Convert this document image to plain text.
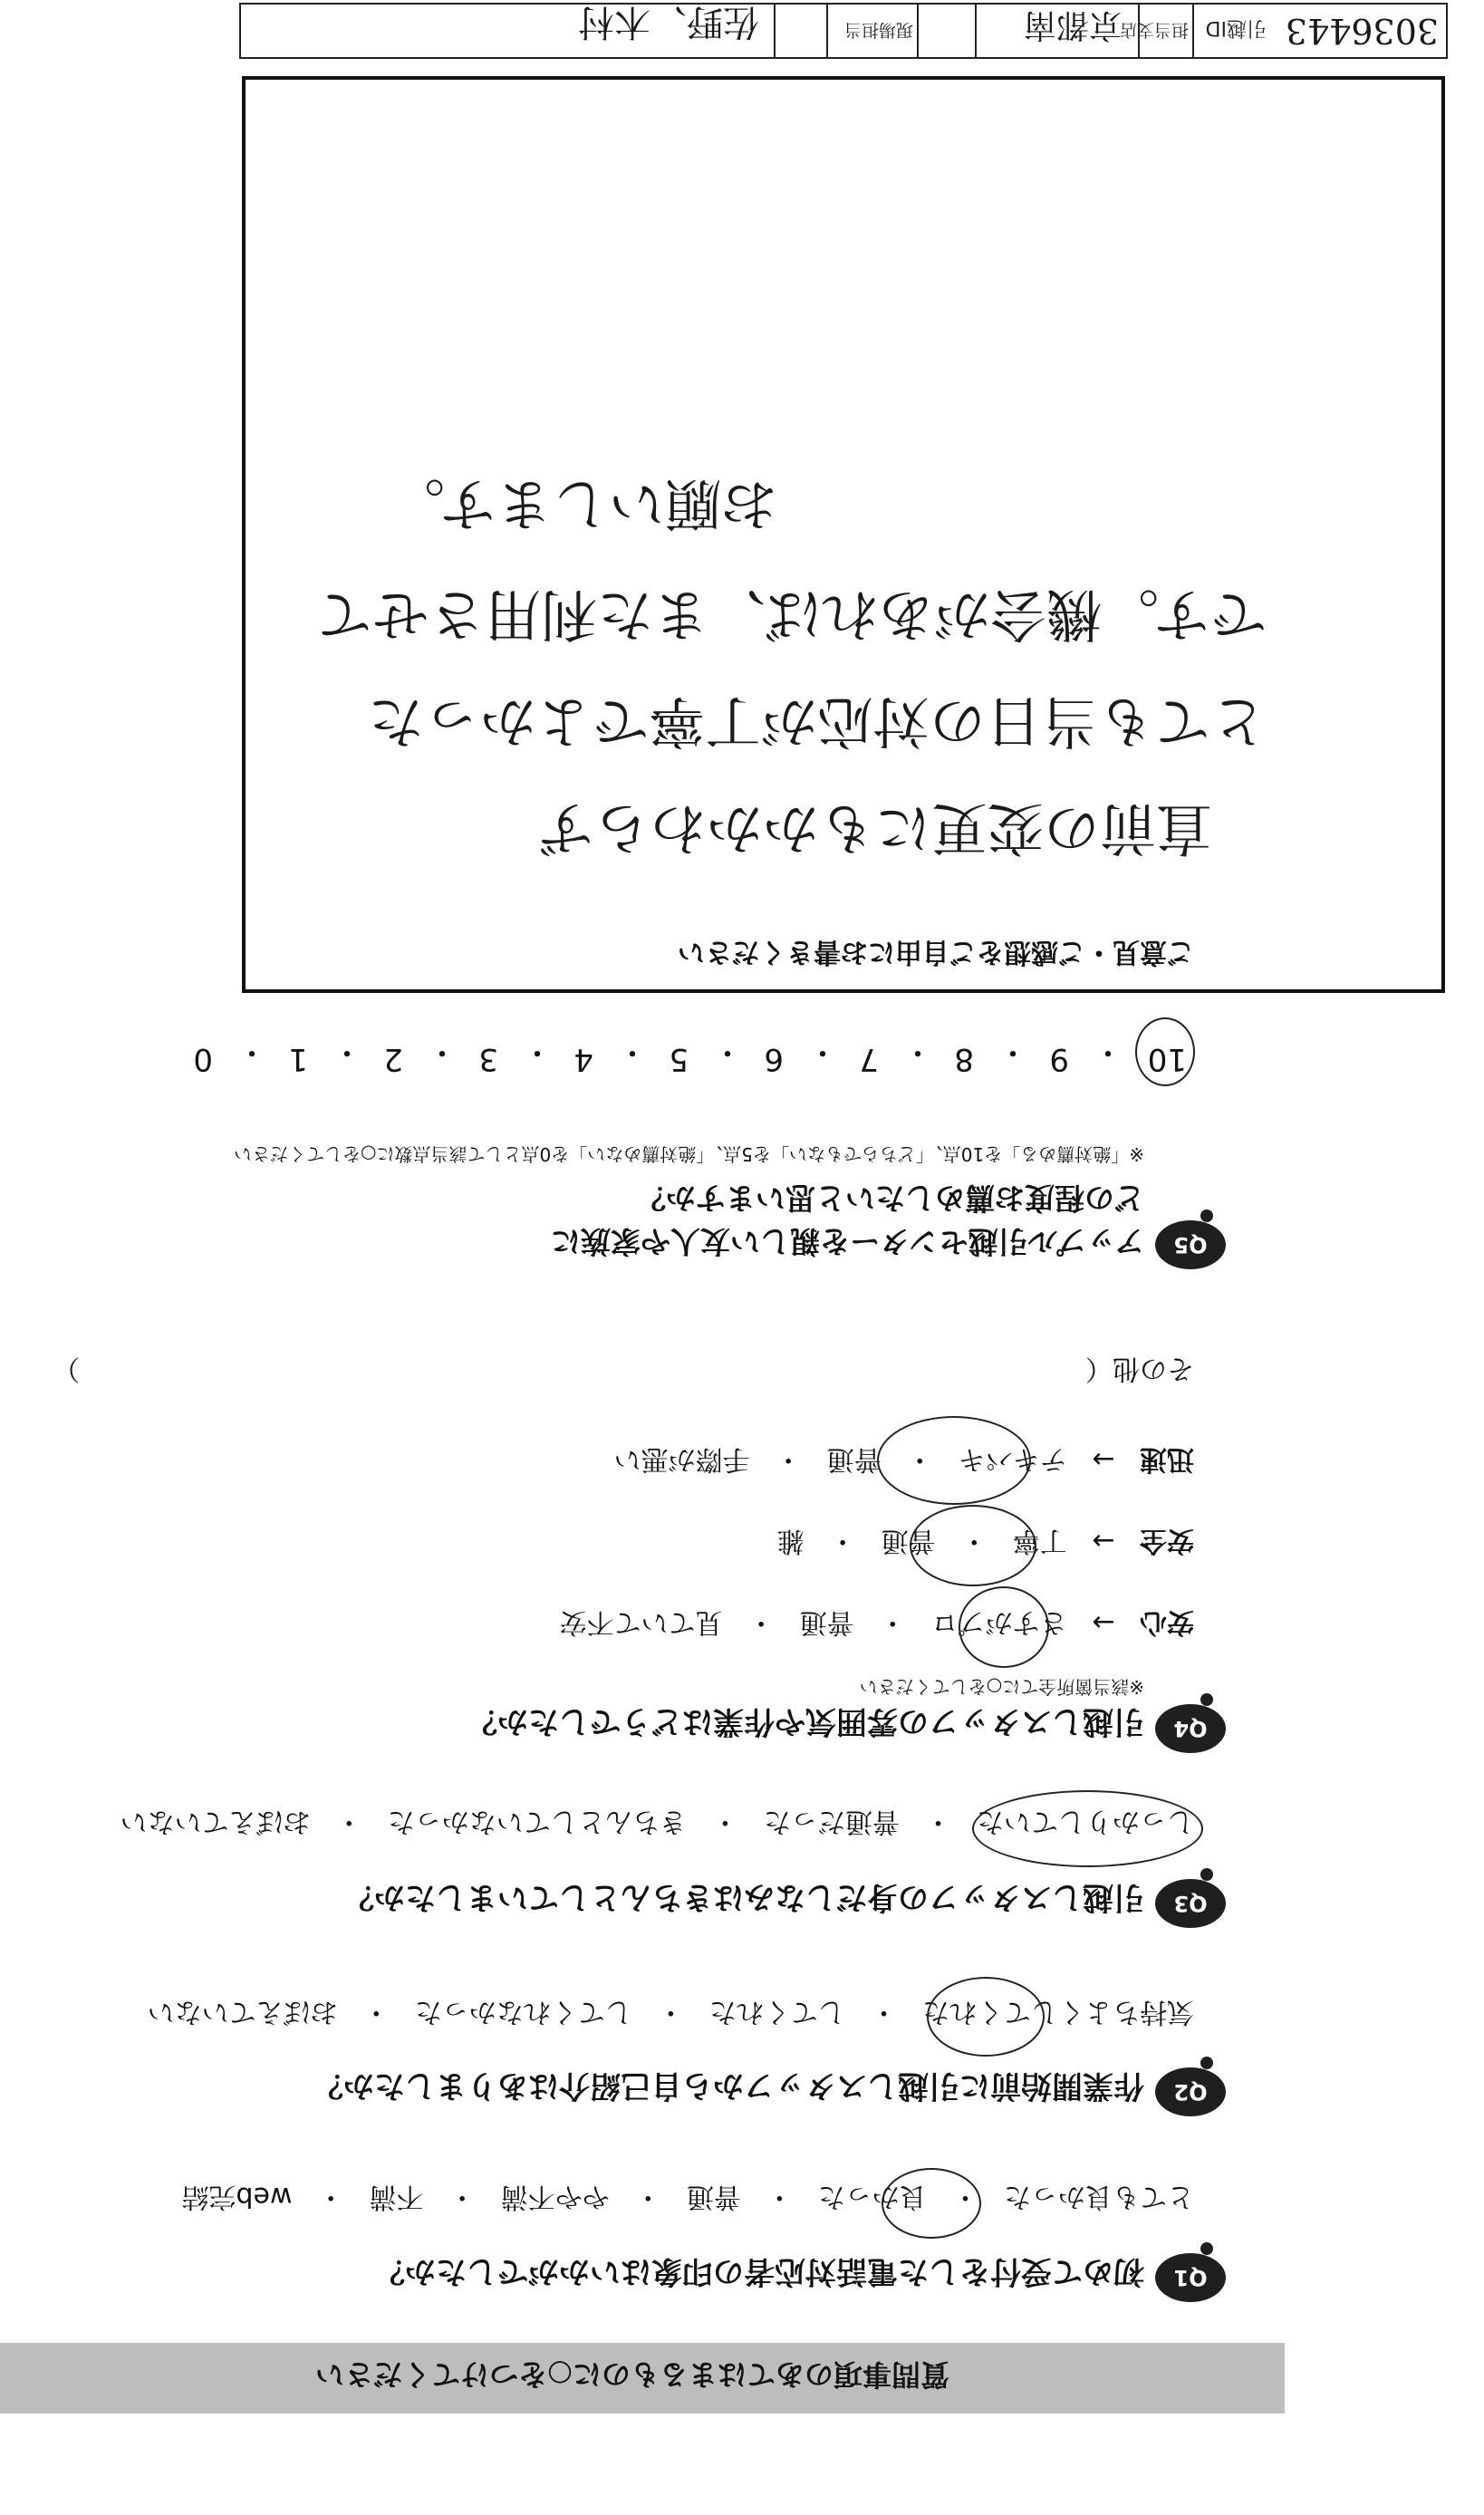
引越ID 3036443
担当支店
京都南
現場担当
佐野、木村
ご意見・ご感想をご自由にお書きください
直前の変更にもかかわらず
とても当日の対応が丁寧でよかった
です。機会があれば、また利用させて
お願いします。
10
・
9
・
8
・
7
・
6
・
5
・
4
・
3
・
2
・
1
・
0
Q5
アップル引越センターを親しい友人や家族に
どの程度お薦めしたいと思いますか？
※「絶対薦める」を10点、「どちらでもない」を5点、「絶対薦めない」を0点として該当点数に○をしてください
Q4
引越しスタッフの雰囲気や作業はどうでしたか？
※該当箇所全てに○をしてください
安心 → さすがプロ ・ 普通 ・ 見ていて不安
安全 → 丁寧 ・ 普通 ・ 雑
迅速 → テキパキ ・ 普通 ・ 手際が悪い
その他（
）
Q3
引越しスタッフの身だしなみはきちんとしていましたか？
しっかりしていた ・ 普通だった ・ きちんとしていなかった ・ おぼえていない
Q2
作業開始前に引越しスタッフから自己紹介はありましたか？
気持ちよくしてくれた ・ してくれた ・ してくれなかった ・ おぼえていない
Q1
初めて受付をした電話対応者の印象はいかがでしたか？
とても良かった ・ 良かった ・ 普通 ・ やや不満 ・ 不満 ・ web完結
質問事項のあてはまるものに○をつけてください
